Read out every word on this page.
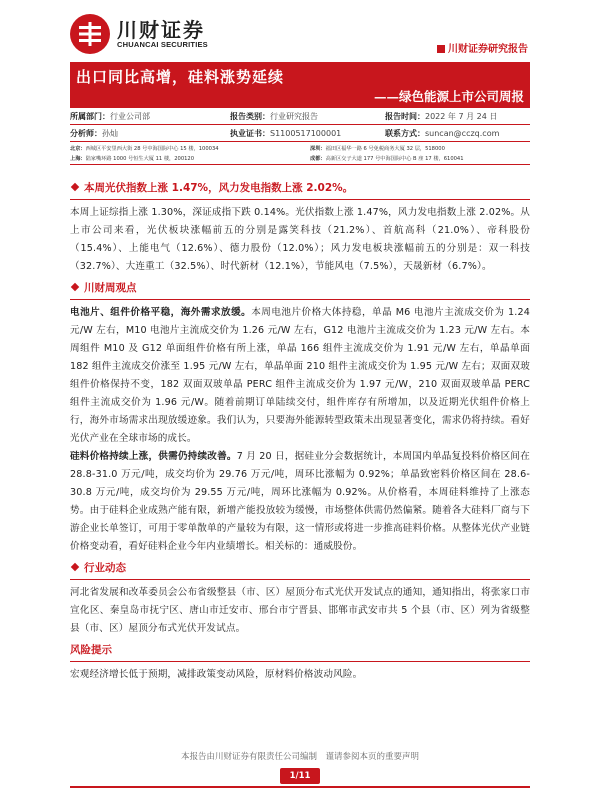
川财证券
CHUANCAI SECURITIES	川财证券研究报告
出口同比高增，硅料涨势延续
——绿色能源上市公司周报
所属部门：行业公司部	报告类别：行业研究报告	报告时间：2022 年 7 月 24 日
分析师：孙灿	执业证书：S1100517100001	联系方式：suncan@cczq.com
北京：西城区平安里西大街 28 号中海国际中心 15 楼，100034	深圳：福田区福华一路 6 号免税商务大厦 32 层，518000
上海：陆家嘴环路 1000 号恒生大厦 11 楼，200120	成都：高新区交子大道 177 号中海国际中心 B 座 17 楼，610041
本周光伏指数上涨 1.47%，风力发电指数上涨 2.02%。

本周上证综指上涨 1.30%，深证成指下跌 0.14%。光伏指数上涨 1.47%，风力发电指数上涨 2.02%。从上市公司来看，光伏板块涨幅前五的分别是露笑科技（21.2%）、首航高科（21.0%）、帝科股份（15.4%）、上能电气（12.6%）、德力股份（12.0%）；风力发电板块涨幅前五的分别是：双一科技（32.7%）、大连重工（32.5%）、时代新材（12.1%），节能风电（7.5%），天晟新材（6.7%）。

川财周观点

电池片、组件价格平稳，海外需求放缓。本周电池片价格大体持稳，单晶 M6 电池片主流成交价为 1.24 元/W 左右，M10 电池片主流成交价为 1.26 元/W 左右，G12 电池片主流成交价为 1.23 元/W 左右。本周组件 M10 及 G12 单面组件价格有所上涨，单晶 166 组件主流成交价为 1.91 元/W 左右，单晶单面 182 组件主流成交价涨至 1.95 元/W 左右，单晶单面 210 组件主流成交价为 1.95 元/W 左右；双面双玻组件价格保持不变，182 双面双玻单晶 PERC 组件主流成交价为 1.97 元/W，210 双面双玻单晶 PERC 组件主流成交价为 1.96 元/W。随着前期订单陆续交付，组件库存有所增加，以及近期光伏组件价格上行，海外市场需求出现放缓迹象。我们认为，只要海外能源转型政策未出现显著变化，需求仍将持续。看好光伏产业在全球市场的成长。

硅料价格持续上涨，供需仍持续改善。7 月 20 日，据硅业分会数据统计，本周国内单晶复投料价格区间在 28.8-31.0 万元/吨，成交均价为 29.76 万元/吨，周环比涨幅为 0.92%；单晶致密料价格区间在 28.6-30.8 万元/吨，成交均价为 29.55 万元/吨，周环比涨幅为 0.92%。从价格看，本周硅料维持了上涨态势。由于硅料企业成熟产能有限，新增产能投放较为缓慢，市场整体供需仍然偏紧。随着各大硅料厂商与下游企业长单签订，可用于零单散单的产量较为有限，这一情形或将进一步推高硅料价格。从整体光伏产业链价格变动看，看好硅料企业今年内业绩增长。相关标的：通威股份。

行业动态

河北省发展和改革委员会公布省级整县（市、区）屋顶分布式光伏开发试点的通知，通知指出，将张家口市宣化区、秦皇岛市抚宁区、唐山市迁安市、邢台市宁晋县、邯郸市武安市共 5 个县（市、区）列为省级整县（市、区）屋顶分布式光伏开发试点。

风险提示

宏观经济增长低于预期，减排政策变动风险，原材料价格波动风险。

本报告由川财证券有限责任公司编制　谨请参阅本页的重要声明
1/11
